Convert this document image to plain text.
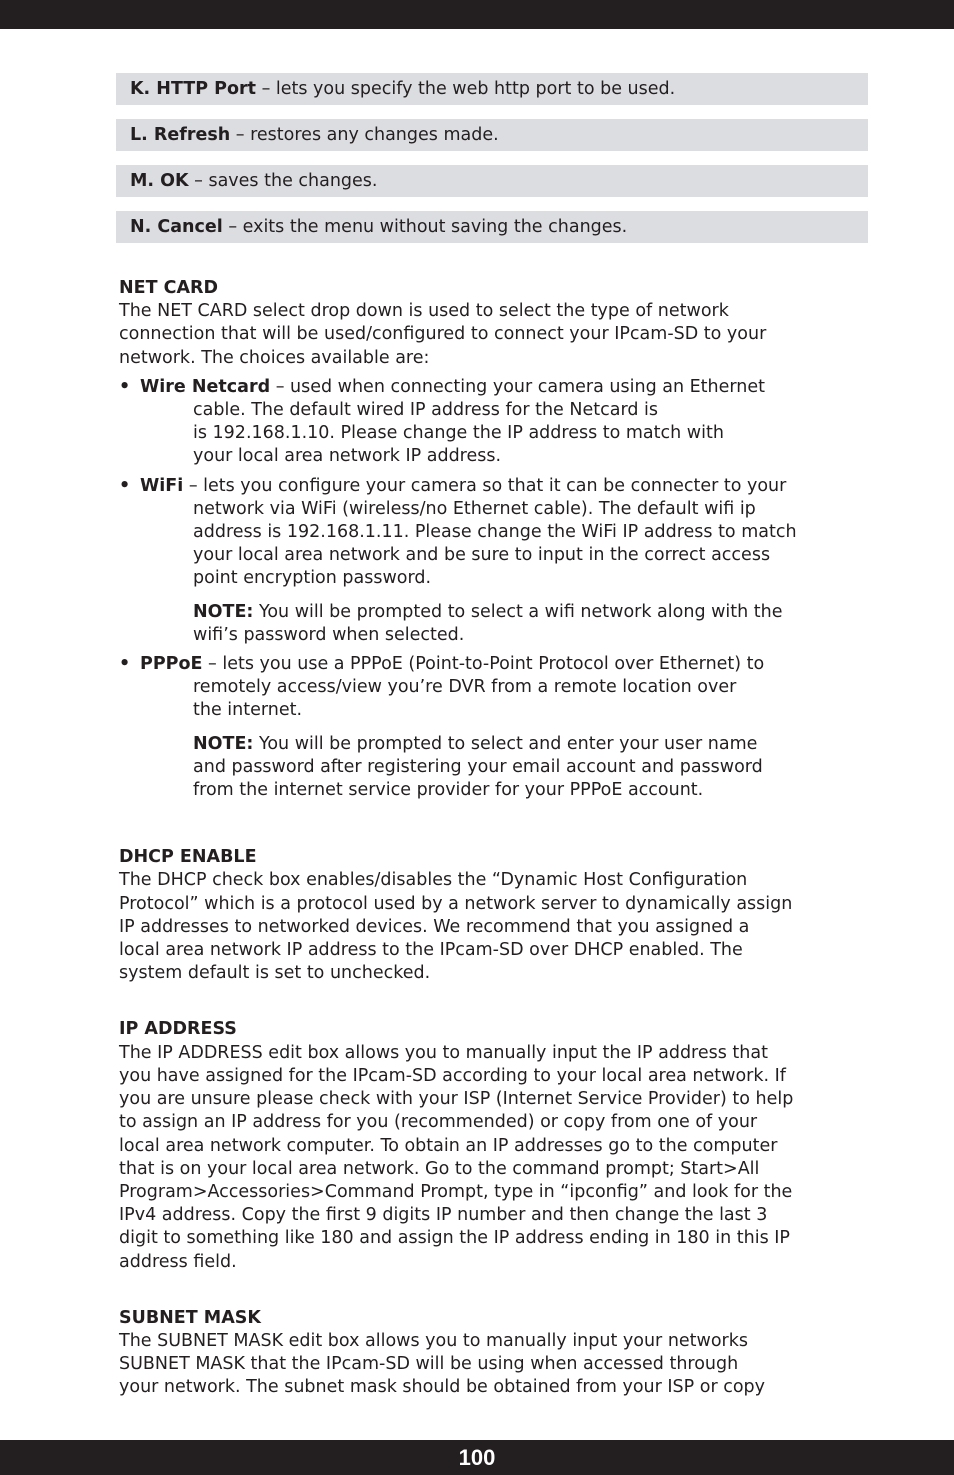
K. HTTP Port – lets you specify the web http port to be used.
L. Refresh – restores any changes made.
M. OK – saves the changes.
N. Cancel – exits the menu without saving the changes.

NET CARD

The NET CARD select drop down is used to select the type of network

connection that will be used/configured to connect your IPcam-SD to your

network. The choices available are:

• Wire Netcard – used when connecting your camera using an Ethernet

cable. The default wired IP address for the Netcard is

is 192.168.1.10. Please change the IP address to match with

your local area network IP address.

• WiFi – lets you configure your camera so that it can be connecter to your

network via WiFi (wireless/no Ethernet cable). The default wifi ip

address is 192.168.1.11. Please change the WiFi IP address to match

your local area network and be sure to input in the correct access

point encryption password.

NOTE: You will be prompted to select a wifi network along with the

wifi’s password when selected.

• PPPoE – lets you use a PPPoE (Point-to-Point Protocol over Ethernet) to

remotely access/view you’re DVR from a remote location over

the internet.

NOTE: You will be prompted to select and enter your user name

and password after registering your email account and password

from the internet service provider for your PPPoE account.

DHCP ENABLE

The DHCP check box enables/disables the “Dynamic Host Configuration

Protocol” which is a protocol used by a network server to dynamically assign

IP addresses to networked devices. We recommend that you assigned a

local area network IP address to the IPcam-SD over DHCP enabled. The

system default is set to unchecked.

IP ADDRESS

The IP ADDRESS edit box allows you to manually input the IP address that

you have assigned for the IPcam-SD according to your local area network. If

you are unsure please check with your ISP (Internet Service Provider) to help

to assign an IP address for you (recommended) or copy from one of your

local area network computer. To obtain an IP addresses go to the computer

that is on your local area network. Go to the command prompt; Start>All

Program>Accessories>Command Prompt, type in “ipconfig” and look for the

IPv4 address. Copy the first 9 digits IP number and then change the last 3

digit to something like 180 and assign the IP address ending in 180 in this IP

address field.

SUBNET MASK

The SUBNET MASK edit box allows you to manually input your networks

SUBNET MASK that the IPcam-SD will be using when accessed through

your network. The subnet mask should be obtained from your ISP or copy

100
